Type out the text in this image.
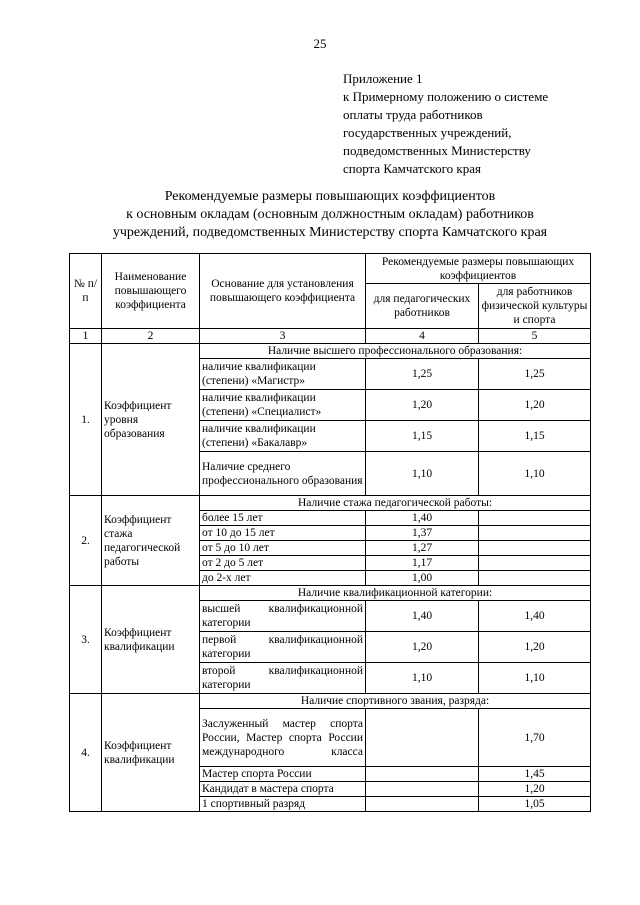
25
Приложение 1
к Примерному положению о системе
оплаты труда работников
государственных учреждений,
подведомственных Министерству
спорта Камчатского края
Рекомендуемые размеры повышающих коэффициентов
к основным окладам (основным должностным окладам) работников
учреждений, подведомственных Министерству спорта Камчатского края
№ п/п	Наименование повышающего коэффициента	Основание для установления повышающего коэффициента	Рекомендуемые размеры повышающих коэффициентов	
			для педагогических работников	для работников физической культуры и спорта
1	2	3	4	5
1.	Коэффициент уровня образования	Наличие высшего профессионального образования:		
		наличие квалификации (степени) «Магистр»	1,25	1,25
		наличие квалификации (степени) «Специалист»	1,20	1,20
		наличие квалификации (степени) «Бакалавр»	1,15	1,15
		Наличие среднего профессионального образования	1,10	1,10
2.	Коэффициент стажа педагогической работы	Наличие стажа педагогической работы:		
		более 15 лет	1,40	
		от 10 до 15 лет	1,37	
		от 5 до 10 лет	1,27	
		от 2 до 5 лет	1,17	
		до 2-х лет	1,00	
3.	Коэффициент квалификации	Наличие квалификационной категории:		
		высшей квалификационной категории	1,40	1,40
		первой квалификационной категории	1,20	1,20
		второй квалификационной категории	1,10	1,10
4.	Коэффициент квалификации	Наличие спортивного звания, разряда:		
		Заслуженный мастер спорта России, Мастер спорта России международного класса		1,70
		Мастер спорта России		1,45
		Кандидат в мастера спорта		1,20
		1 спортивный разряд		1,05
